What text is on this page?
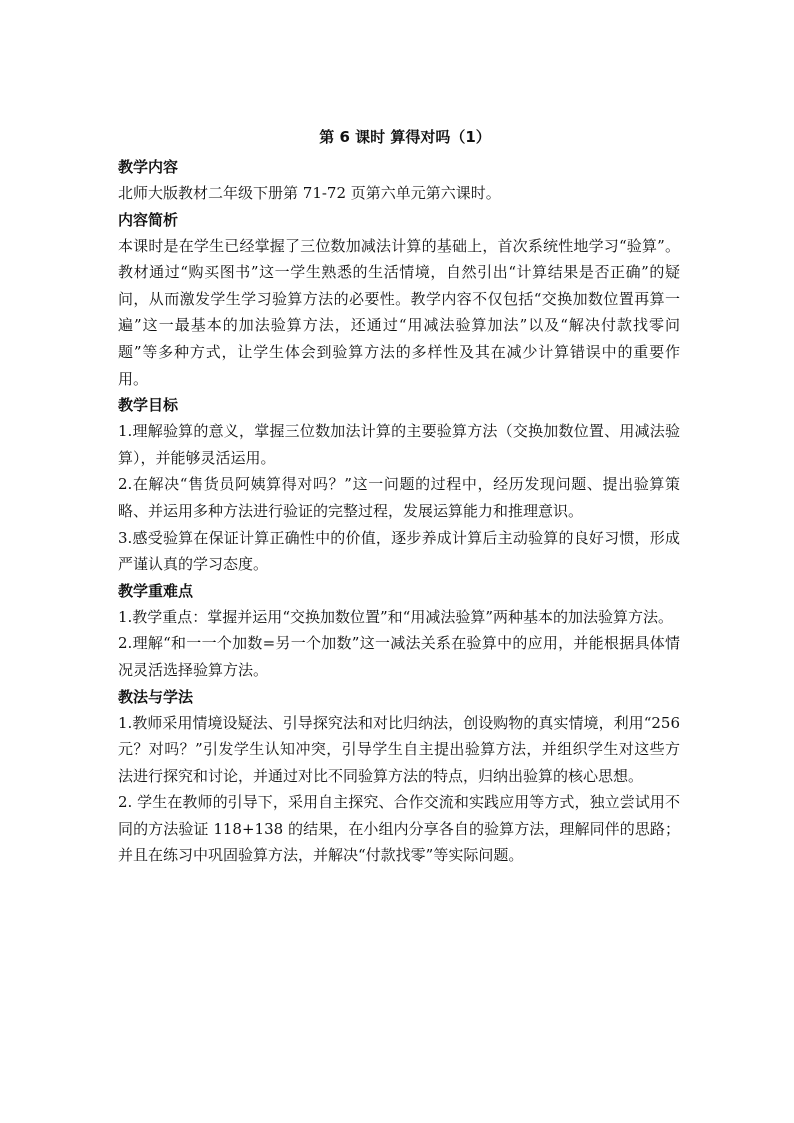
第 6 课时 算得对吗（1）
教学内容
北师大版教材二年级下册第 71-72 页第六单元第六课时。
内容简析
本课时是在学生已经掌握了三位数加减法计算的基础上，首次系统性地学习“验算”。教材通过“购买图书”这一学生熟悉的生活情境，自然引出“计算结果是否正确”的疑问，从而激发学生学习验算方法的必要性。教学内容不仅包括“交换加数位置再算一遍”这一最基本的加法验算方法，还通过“用减法验算加法”以及“解决付款找零问题”等多种方式，让学生体会到验算方法的多样性及其在减少计算错误中的重要作用。
教学目标
1.理解验算的意义，掌握三位数加法计算的主要验算方法（交换加数位置、用减法验算），并能够灵活运用。
2.在解决“售货员阿姨算得对吗？”这一问题的过程中，经历发现问题、提出验算策略、并运用多种方法进行验证的完整过程，发展运算能力和推理意识。
3.感受验算在保证计算正确性中的价值，逐步养成计算后主动验算的良好习惯，形成严谨认真的学习态度。
教学重难点
1.教学重点：掌握并运用“交换加数位置”和“用减法验算”两种基本的加法验算方法。
2.理解“和一一个加数=另一个加数”这一减法关系在验算中的应用，并能根据具体情况灵活选择验算方法。
教法与学法
1.教师采用情境设疑法、引导探究法和对比归纳法，创设购物的真实情境，利用“256 元？对吗？”引发学生认知冲突，引导学生自主提出验算方法，并组织学生对这些方法进行探究和讨论，并通过对比不同验算方法的特点，归纳出验算的核心思想。
2. 学生在教师的引导下，采用自主探究、合作交流和实践应用等方式，独立尝试用不同的方法验证 118+138 的结果，在小组内分享各自的验算方法，理解同伴的思路；并且在练习中巩固验算方法，并解决“付款找零”等实际问题。
